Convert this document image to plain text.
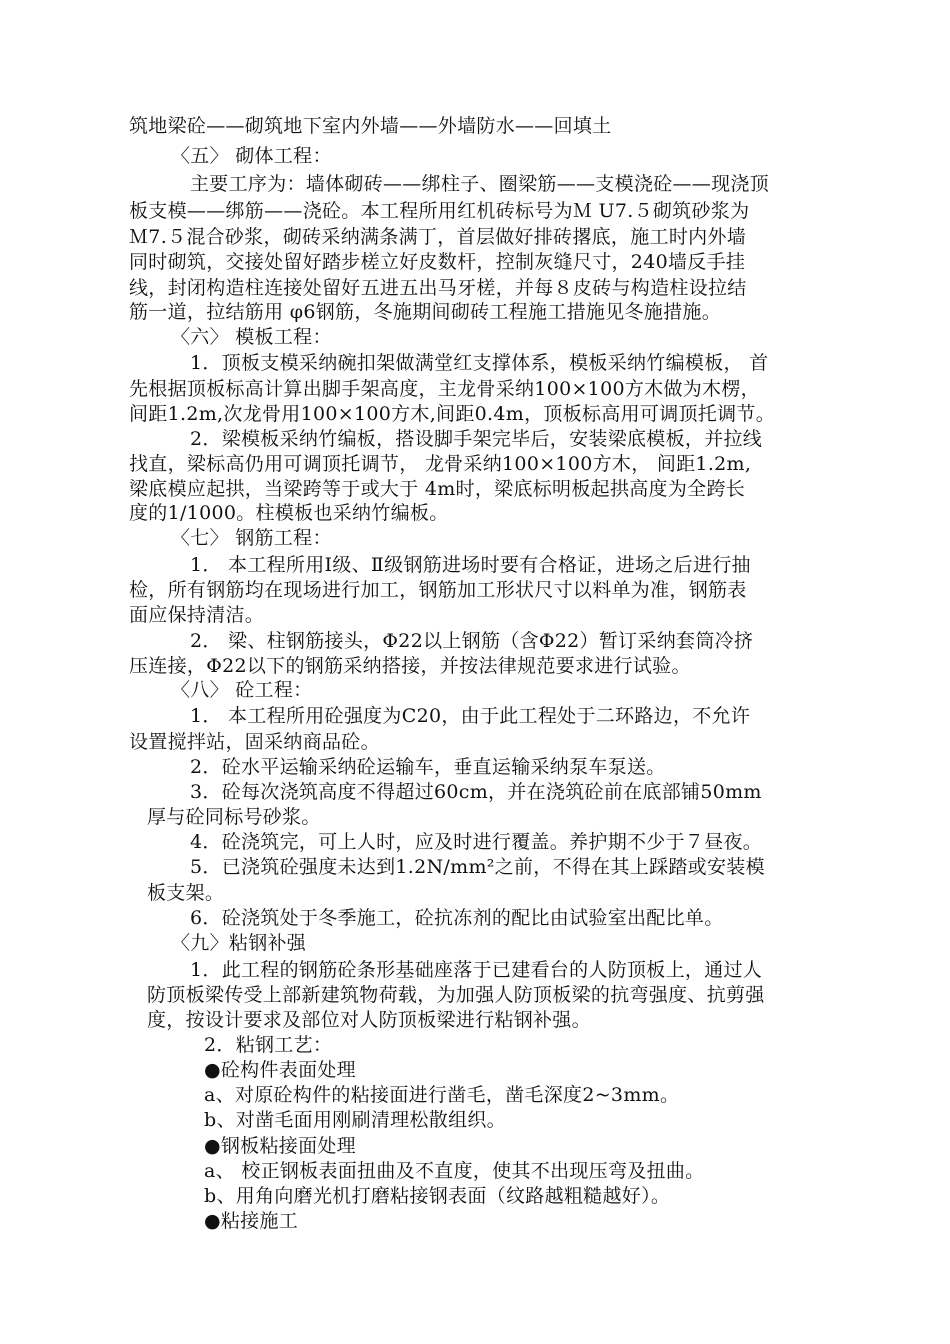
筑地梁砼——砌筑地下室内外墙——外墙防水——回填土
〈五〉 砌体工程：
主要工序为：墙体砌砖——绑柱子、圈梁筋——支模浇砼——现浇顶
板支模——绑筋——浇砼。本工程所用红机砖标号为Ｍ U7.５砌筑砂浆为
Ｍ7.５混合砂浆，砌砖采纳满条满丁，首层做好排砖撂底，施工时内外墙
同时砌筑，交接处留好踏步槎立好皮数杆，控制灰缝尺寸，240墙反手挂
线，封闭构造柱连接处留好五进五出马牙槎，并每８皮砖与构造柱设拉结
筋一道，拉结筋用 φ6钢筋，冬施期间砌砖工程施工措施见冬施措施。
〈六〉 模板工程：
1．顶板支模采纳碗扣架做满堂红支撑体系，模板采纳竹编模板， 首
先根据顶板标高计算出脚手架高度，主龙骨采纳100×100方木做为木楞，
间距1.2m,次龙骨用100×100方木,间距0.4m，顶板标高用可调顶托调节。
2．梁模板采纳竹编板，搭设脚手架完毕后，安装梁底模板，并拉线
找直，梁标高仍用可调顶托调节， 龙骨采纳100×100方木， 间距1.2m,
梁底模应起拱，当梁跨等于或大于 4m时，梁底标明板起拱高度为全跨长
度的1/1000。柱模板也采纳竹编板。
〈七〉 钢筋工程：
1． 本工程所用Ⅰ级、Ⅱ级钢筋进场时要有合格证，进场之后进行抽
检，所有钢筋均在现场进行加工，钢筋加工形状尺寸以料单为准，钢筋表
面应保持清洁。
2． 梁、柱钢筋接头，Φ22以上钢筋（含Φ22）暂订采纳套筒冷挤
压连接，Φ22以下的钢筋采纳搭接，并按法律规范要求进行试验。
〈八〉 砼工程：
1． 本工程所用砼强度为C20，由于此工程处于二环路边，不允许
设置搅拌站，固采纳商品砼。
2．砼水平运输采纳砼运输车，垂直运输采纳泵车泵送。
3．砼每次浇筑高度不得超过60cm，并在浇筑砼前在底部铺50mm
厚与砼同标号砂浆。
4．砼浇筑完，可上人时，应及时进行覆盖。养护期不少于７昼夜。
5．已浇筑砼强度未达到1.2N/mm²之前，不得在其上踩踏或安装模
板支架。
6．砼浇筑处于冬季施工，砼抗冻剂的配比由试验室出配比单。
〈九〉粘钢补强
1．此工程的钢筋砼条形基础座落于已建看台的人防顶板上，通过人
防顶板梁传受上部新建筑物荷载，为加强人防顶板梁的抗弯强度、抗剪强
度，按设计要求及部位对人防顶板梁进行粘钢补强。
2．粘钢工艺：
●砼构件表面处理
a、对原砼构件的粘接面进行凿毛，凿毛深度2~3mm。
b、对凿毛面用刚刷清理松散组织。
●钢板粘接面处理
a、 校正钢板表面扭曲及不直度，使其不出现压弯及扭曲。
b、用角向磨光机打磨粘接钢表面（纹路越粗糙越好）。
●粘接施工
